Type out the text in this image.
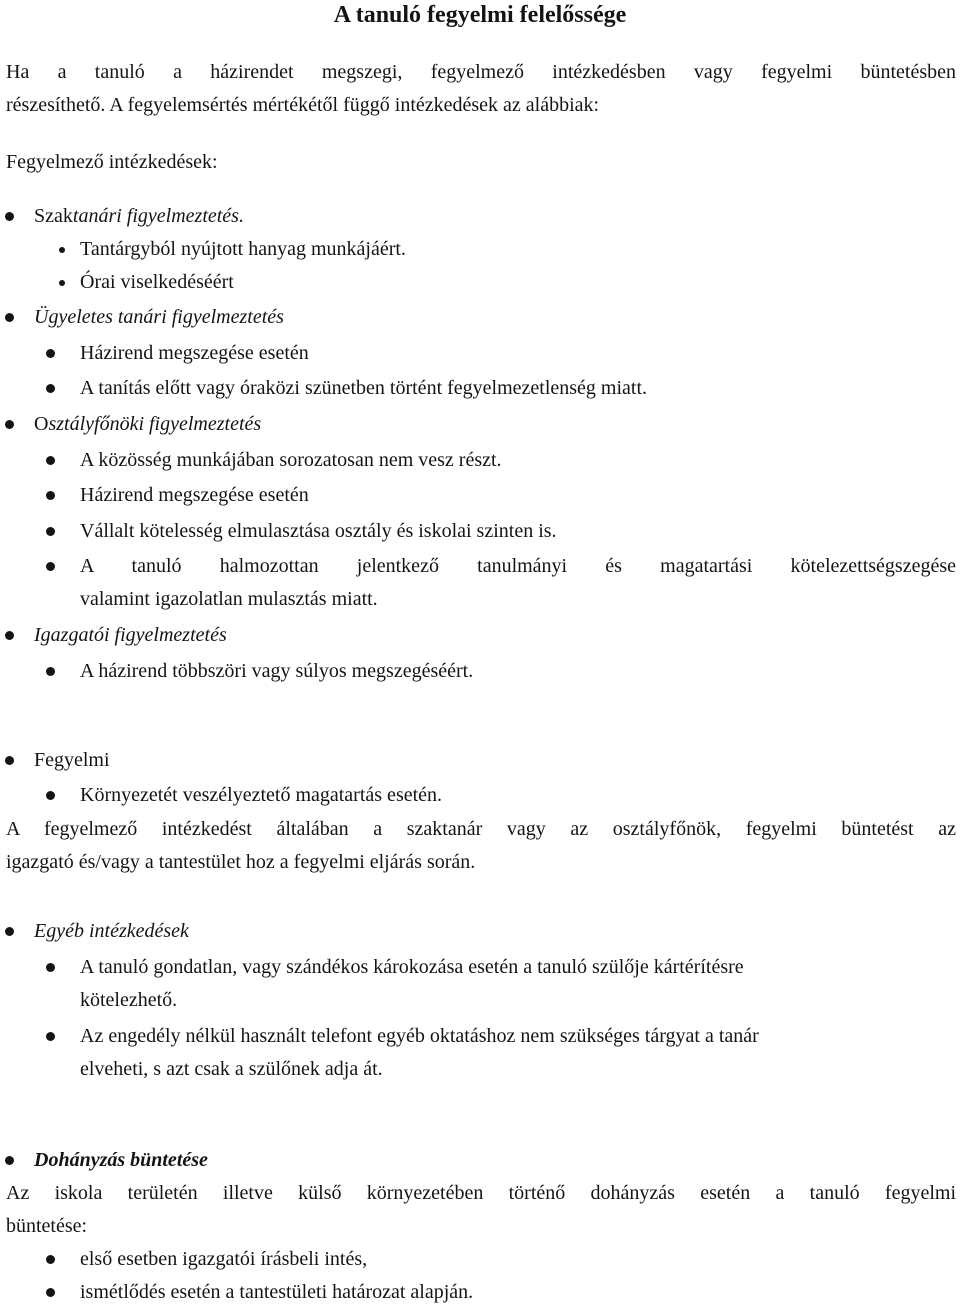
A tanuló fegyelmi felelőssége
Ha a tanuló a házirendet megszegi, fegyelmező intézkedésben vagy fegyelmi büntetésben
részesíthető. A fegyelemsértés mértékétől függő intézkedések az alábbiak:
Fegyelmező intézkedések:
Szaktanári figyelmeztetés.
Tantárgyból nyújtott hanyag munkájáért.
Órai viselkedéséért
Ügyeletes tanári figyelmeztetés
Házirend megszegése esetén
A tanítás előtt vagy óraközi szünetben történt fegyelmezetlenség miatt.
Osztályfőnöki figyelmeztetés
A közösség munkájában sorozatosan nem vesz részt.
Házirend megszegése esetén
Vállalt kötelesség elmulasztása osztály és iskolai szinten is.
A tanuló halmozottan jelentkező tanulmányi és magatartási kötelezettségszegése
valamint igazolatlan mulasztás miatt.
Igazgatói figyelmeztetés
A házirend többszöri vagy súlyos megszegéséért.
Fegyelmi
Környezetét veszélyeztető magatartás esetén.
A fegyelmező intézkedést általában a szaktanár vagy az osztályfőnök, fegyelmi büntetést az
igazgató és/vagy a tantestület hoz a fegyelmi eljárás során.
Egyéb intézkedések
A tanuló gondatlan, vagy szándékos károkozása esetén a tanuló szülője kártérítésre
kötelezhető.
Az engedély nélkül használt telefont egyéb oktatáshoz nem szükséges tárgyat a tanár
elveheti, s azt csak a szülőnek adja át.
Dohányzás büntetése
Az iskola területén illetve külső környezetében történő dohányzás esetén a tanuló fegyelmi
büntetése:
első esetben igazgatói írásbeli intés,
ismétlődés esetén a tantestületi határozat alapján.
